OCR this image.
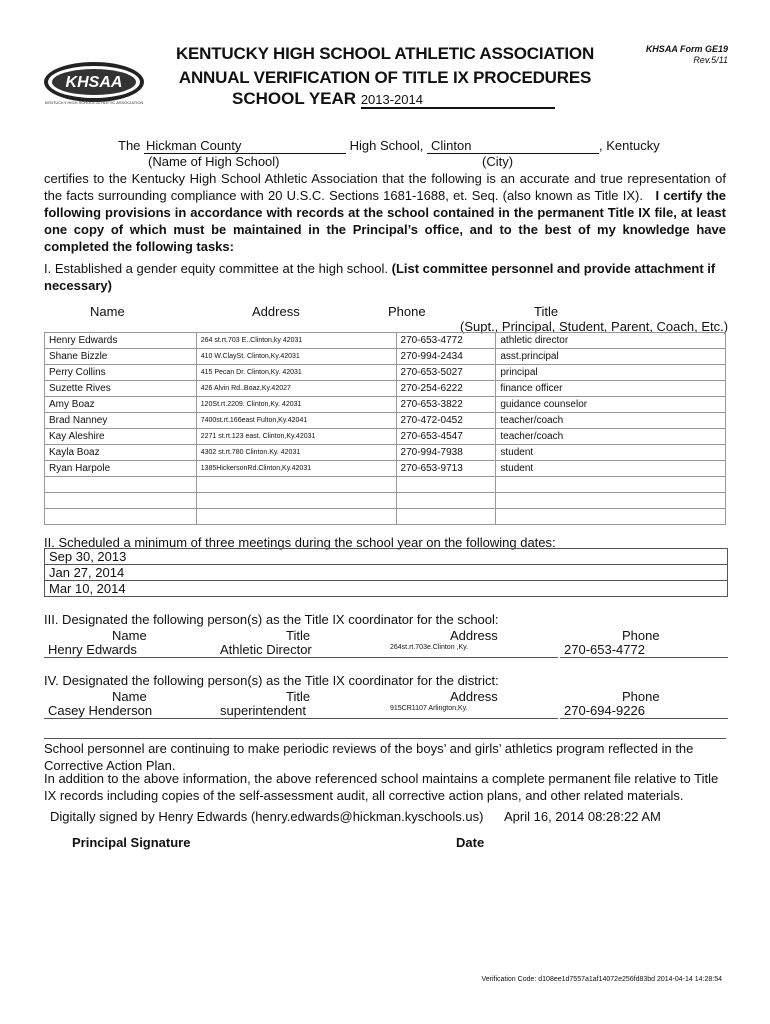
KHSAA
KENTUCKY HIGH SCHOOL ATHLETIC ASSOCIATION
KENTUCKY HIGH SCHOOL ATHLETIC ASSOCIATION
ANNUAL VERIFICATION OF TITLE IX PROCEDURES
SCHOOL YEAR 2013-2014
KHSAA Form GE19
Rev.5/11
The Hickman County	High School, Clinton	, Kentucky
(Name of High School)	(City)
certifies to the Kentucky High School Athletic Association that the following is an accurate and true representation of the facts surrounding compliance with 20 U.S.C. Sections 1681-1688, et. Seq. (also known as Title IX). I certify the following provisions in accordance with records at the school contained in the permanent Title IX file, at least one copy of which must be maintained in the Principal’s office, and to the best of my knowledge have completed the following tasks:
I. Established a gender equity committee at the high school. (List committee personnel and provide attachment if necessary)
Name	Address	Phone	Title
(Supt., Principal, Student, Parent, Coach, Etc.)
Henry Edwards	264 st.rt.703 E..Clinton,ky 42031	270-653-4772	athletic director
Shane Bizzle	410 W.ClaySt. Clinton,Ky.42031	270-994-2434	asst.principal
Perry Collins	415 Pecan Dr. Clinton,Ky. 42031	270-653-5027	principal
Suzette Rives	426 Alvin Rd..Boaz,Ky.42027	270-254-6222	finance officer
Amy Boaz	120St.rt.2209. Clinton,Ky. 42031	270-653-3822	guidance counselor
Brad Nanney	7400st.rt.166east Fulton,Ky.42041	270-472-0452	teacher/coach
Kay Aleshire	2271 st.rt.123 east. Clinton,Ky.42031	270-653-4547	teacher/coach
Kayla Boaz	4302 st.rt.780 Clinton.Ky. 42031	270-994-7938	student
Ryan Harpole	1385HickersonRd.Clinton,Ky.42031	270-653-9713	student

II. Scheduled a minimum of three meetings during the school year on the following dates:
Sep 30, 2013
Jan 27, 2014
Mar 10, 2014
III. Designated the following person(s) as the Title IX coordinator for the school:
Name	Title	Address	Phone
Henry Edwards	Athletic Director	264st.rt.703e.Clinton ,Ky.	270-653-4772
IV. Designated the following person(s) as the Title IX coordinator for the district:
Name	Title	Address	Phone
Casey Henderson	superintendent	915CR1107 Arlington,Ky.	270-694-9226
School personnel are continuing to make periodic reviews of the boys’ and girls’ athletics program reflected in the Corrective Action Plan.
In addition to the above information, the above referenced school maintains a complete permanent file relative to Title IX records including copies of the self-assessment audit, all corrective action plans, and other related materials.
Digitally signed by Henry Edwards (henry.edwards@hickman.kyschools.us) April 16, 2014 08:28:22 AM
Principal Signature	Date
Verification Code: d108ee1d7557a1af14072e256fd83bd 2014-04-14 14:28:54
